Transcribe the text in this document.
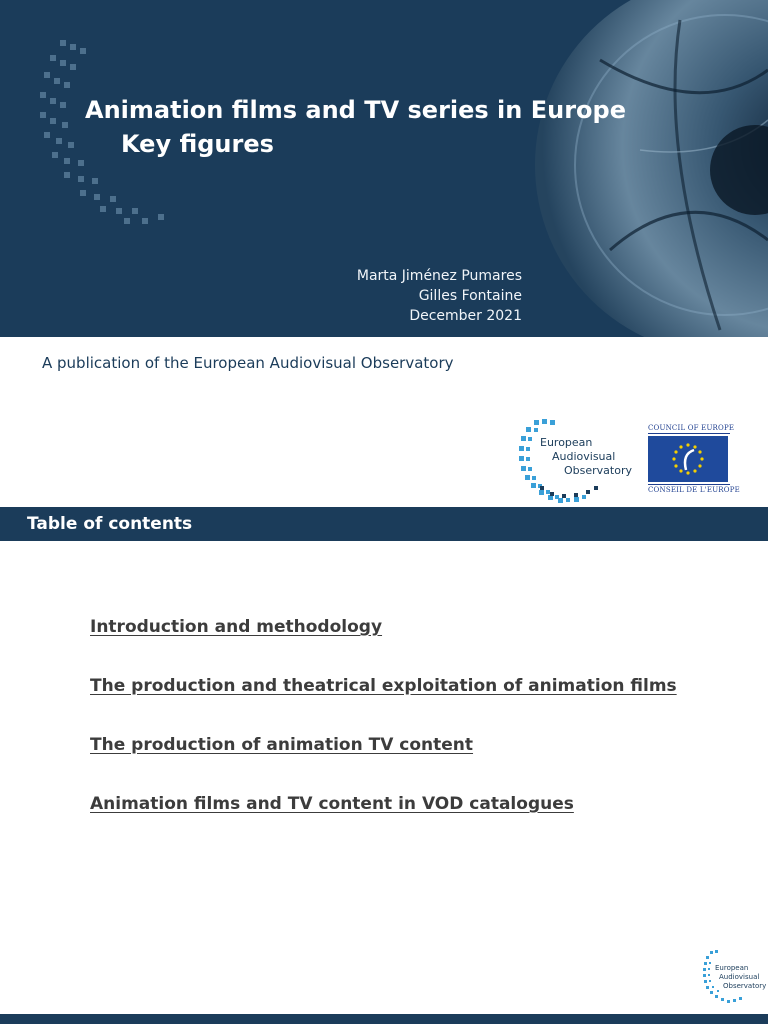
Animation films and TV series in Europe
Key figures
Marta Jiménez Pumares
Gilles Fontaine
December 2021
A publication of the European Audiovisual Observatory
European
Audiovisual
Observatory
COUNCIL OF EUROPE
CONSEIL DE L'EUROPE
Table of contents
Introduction and methodology
The production and theatrical exploitation of animation films
The production of animation TV content
Animation films and TV content in VOD catalogues
European
Audiovisual
Observatory
